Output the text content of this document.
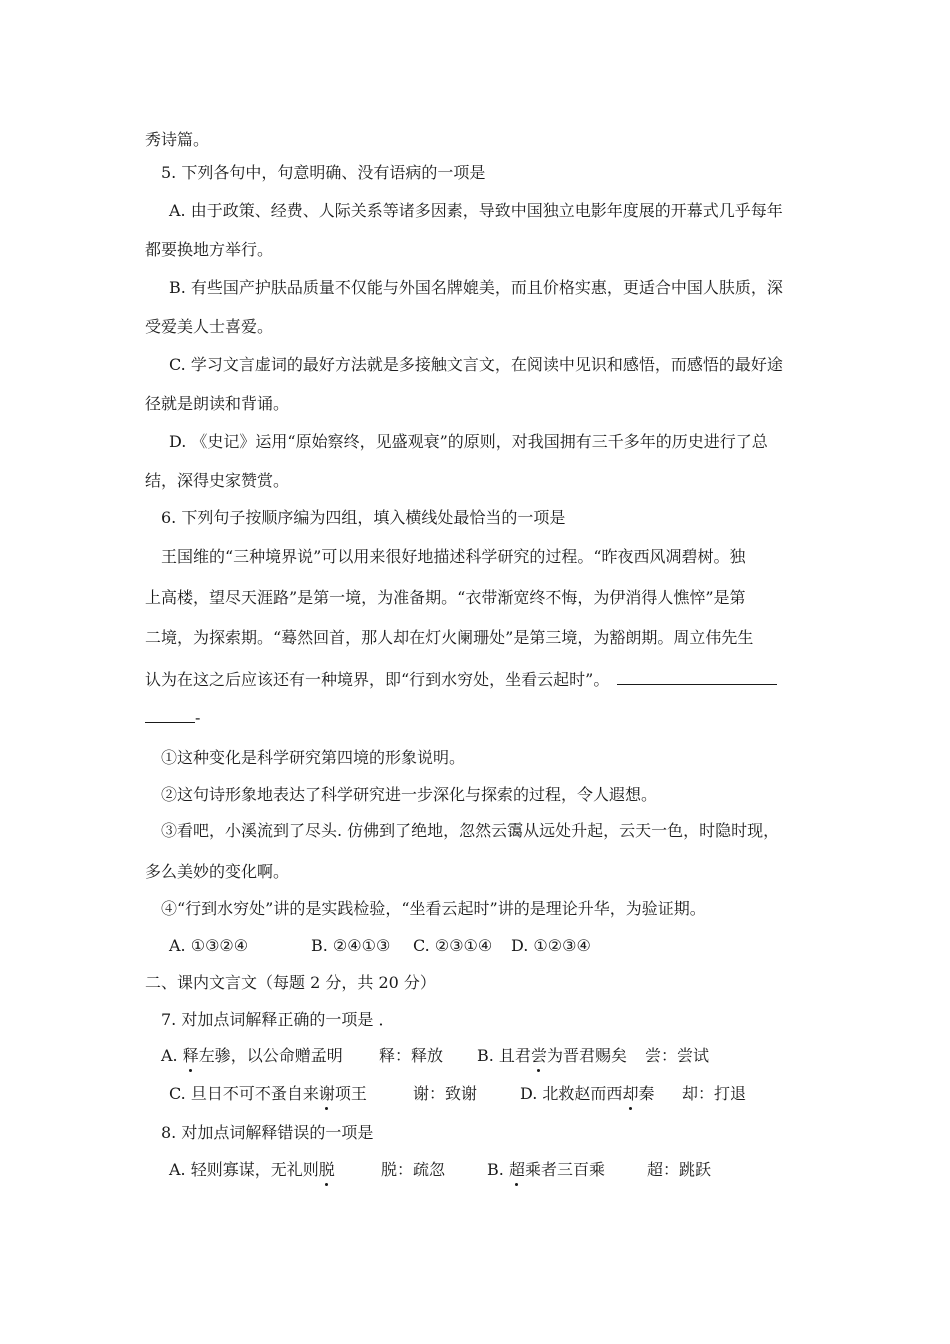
秀诗篇。
5. 下列各句中，句意明确、没有语病的一项是
A. 由于政策、经费、人际关系等诸多因素，导致中国独立电影年度展的开幕式几乎每年
都要换地方举行。
B. 有些国产护肤品质量不仅能与外国名牌媲美，而且价格实惠，更适合中国人肤质，深
受爱美人士喜爱。
C. 学习文言虚词的最好方法就是多接触文言文，在阅读中见识和感悟，而感悟的最好途
径就是朗读和背诵。
D. 《史记》运用“原始察终，见盛观衰”的原则，对我国拥有三千多年的历史进行了总
结，深得史家赞赏。
6. 下列句子按顺序编为四组，填入横线处最恰当的一项是
王国维的“三种境界说”可以用来很好地描述科学研究的过程。“昨夜西风凋碧树。独
上高楼，望尽天涯路”是第一境，为准备期。“衣带渐宽终不悔，为伊消得人憔悴”是第
二境，为探索期。“蓦然回首，那人却在灯火阑珊处”是第三境，为豁朗期。周立伟先生
认为在这之后应该还有一种境界，即“行到水穷处，坐看云起时”。
-
①这种变化是科学研究第四境的形象说明。
②这句诗形象地表达了科学研究进一步深化与探索的过程，令人遐想。
③看吧，小溪流到了尽头. 仿佛到了绝地，忽然云霭从远处升起，云天一色，时隐时现，
多么美妙的变化啊。
④“行到水穷处”讲的是实践检验，“坐看云起时”讲的是理论升华，为验证期。
A. ①③②④	B. ②④①③ C. ②③①④ D. ①②③④
二、课内文言文（每题 2 分，共 20 分）
7. 对加点词解释正确的一项是 ．
A. 释左骖，以公命赠孟明 释：释放 B. 且君尝为晋君赐矣 尝：尝试
C. 旦日不可不蚤自来谢项王	谢：致谢	D. 北救赵而西却秦 却：打退
8. 对加点词解释错误的一项是
A. 轻则寡谋，无礼则脱	脱：疏忽	B. 超乘者三百乘	超：跳跃
